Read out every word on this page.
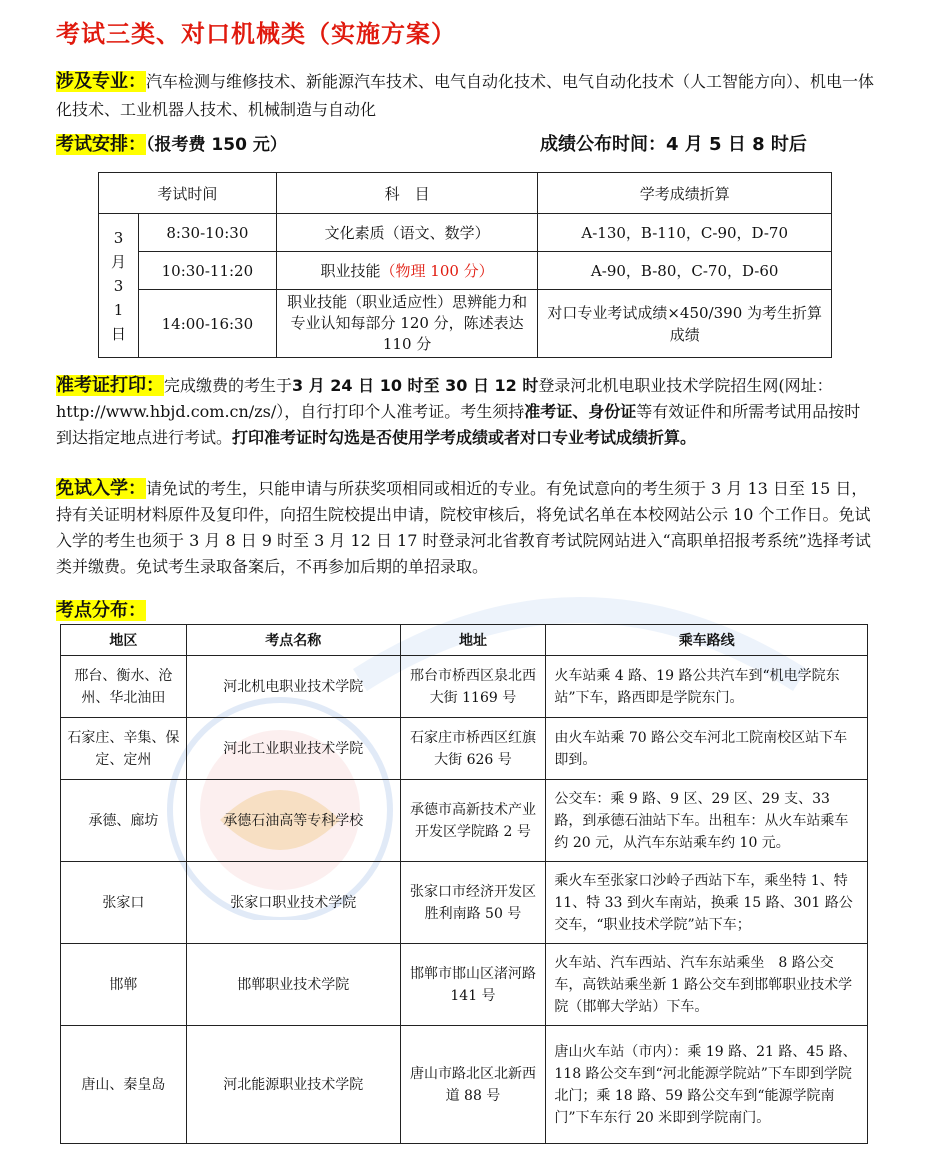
考试三类、对口机械类（实施方案）
涉及专业：汽车检测与维修技术、新能源汽车技术、电气自动化技术、电气自动化技术（人工智能方向）、机电一体化技术、工业机器人技术、机械制造与自动化
考试安排：（报考费 150 元）	成绩公布时间：4 月 5 日 8 时后
考试时间		科　目	学考成绩折算
3月31日	8:30-10:30	文化素质（语文、数学）	A-130，B-110，C-90，D-70
	10:30-11:20	职业技能（物理 100 分）	A-90，B-80，C-70，D-60
	14:00-16:30	职业技能（职业适应性）思辨能力和专业认知每部分 120 分，陈述表达 110 分	对口专业考试成绩×450/390 为考生折算成绩
准考证打印：完成缴费的考生于3 月 24 日 10 时至 30 日 12 时登录河北机电职业技术学院招生网(网址：http://www.hbjd.com.cn/zs/），自行打印个人准考证。考生须持准考证、身份证等有效证件和所需考试用品按时到达指定地点进行考试。打印准考证时勾选是否使用学考成绩或者对口专业考试成绩折算。
免试入学：请免试的考生，只能申请与所获奖项相同或相近的专业。有免试意向的考生须于 3 月 13 日至 15 日，持有关证明材料原件及复印件，向招生院校提出申请，院校审核后，将免试名单在本校网站公示 10 个工作日。免试入学的考生也须于 3 月 8 日 9 时至 3 月 12 日 17 时登录河北省教育考试院网站进入“高职单招报考系统”选择考试类并缴费。免试考生录取备案后，不再参加后期的单招录取。
考点分布：
地区	考点名称	地址	乘车路线
邢台、衡水、沧州、华北油田	河北机电职业技术学院	邢台市桥西区泉北西大街 1169 号	火车站乘 4 路、19 路公共汽车到“机电学院东站”下车，路西即是学院东门。
石家庄、辛集、保定、定州	河北工业职业技术学院	石家庄市桥西区红旗大街 626 号	由火车站乘 70 路公交车河北工院南校区站下车即到。
承德、廊坊	承德石油高等专科学校	承德市高新技术产业开发区学院路 2 号	公交车：乘 9 路、9 区、29 区、29 支、33 路，到承德石油站下车。出租车：从火车站乘车约 20 元，从汽车东站乘车约 10 元。
张家口	张家口职业技术学院	张家口市经济开发区胜利南路 50 号	乘火车至张家口沙岭子西站下车，乘坐特 1、特 11、特 33 到火车南站，换乘 15 路、301 路公交车，“职业技术学院”站下车；
邯郸	邯郸职业技术学院	邯郸市邯山区渚河路　141 号	火车站、汽车西站、汽车东站乘坐　8 路公交车，高铁站乘坐新 1 路公交车到邯郸职业技术学院（邯郸大学站）下车。
唐山、秦皇岛	河北能源职业技术学院	唐山市路北区北新西道 88 号	唐山火车站（市内）：乘 19 路、21 路、45 路、118 路公交车到“河北能源学院站”下车即到学院北门；乘 18 路、59 路公交车到“能源学院南门”下车东行 20 米即到学院南门。
